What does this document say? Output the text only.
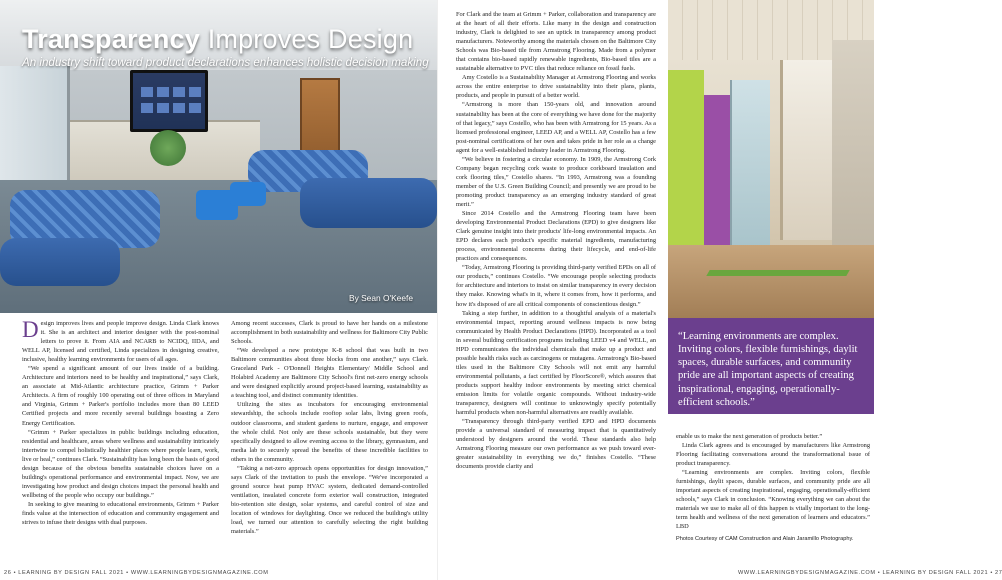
Transparency Improves Design
An industry shift toward product declarations enhances holistic decision making
By Sean O'Keefe

Design improves lives and people improve design. Linda Clark knows it. She is an architect and interior designer with the post-nominal letters to prove it. From AIA and NCARB to NCIDQ, IIDA, and WELL AP, licensed and certified, Linda specializes in designing creative, inclusive, healthy learning environments for users of all ages.

“We spend a significant amount of our lives inside of a building. Architecture and interiors need to be healthy and inspirational,” says Clark, an associate at Mid-Atlantic architecture practice, Grimm + Parker Architects. A firm of roughly 100 operating out of three offices in Maryland and Virginia, Grimm + Parker's portfolio includes more than 80 LEED Certified projects and more recently several buildings boasting a Zero Energy Certification.

“Grimm + Parker specializes in public buildings including education, residential and healthcare, areas where wellness and sustainability intricately intertwine to compel holistically healthier places where people learn, work, live or heal,” continues Clark. “Sustainability has long been the basis of good design because of the obvious benefits sustainable choices have on a building's operational performance and environmental impact. Now, we are investigating how product and design choices impact the personal health and wellbeing of the people who occupy our buildings.”

In seeking to give meaning to educational environments, Grimm + Parker finds value at the intersection of education and community engagement and strives to infuse their designs with dual purposes.

Among recent successes, Clark is proud to have her hands on a milestone accomplishment in both sustainability and wellness for Baltimore City Public Schools.

“We developed a new prototype K-8 school that was built in two Baltimore communities about three blocks from one another,” says Clark. Graceland Park - O'Donnell Heights Elementary/ Middle School and Holabird Academy are Baltimore City School's first net-zero energy schools and were designed explicitly around project-based learning, sustainability as a teaching tool, and distinct community identities.

Utilizing the sites as incubators for encouraging environmental stewardship, the schools include rooftop solar labs, living green roofs, outdoor classrooms, and student gardens to nurture, engage, and empower the whole child. Not only are these schools sustainable, but they were specifically designed to allow evening access to the library, gymnasium, and media lab to securely spread the benefits of these incredible facilities to others in the community.

“Taking a net-zero approach opens opportunities for design innovation,” says Clark of the invitation to push the envelope. “We've incorporated a ground source heat pump HVAC system, dedicated demand-controlled ventilation, insulated concrete form exterior wall construction, integrated bio-retention site design, solar systems, and careful control of size and location of windows for daylighting. Once we reduced the building's utility load, we turned our attention to carefully selecting the right building materials.”

For Clark and the team at Grimm + Parker, collaboration and transparency are at the heart of all their efforts. Like many in the design and construction industry, Clark is delighted to see an uptick in transparency among product manufacturers. Noteworthy among the materials chosen on the Baltimore City Schools was Bio-based tile from Armstrong Flooring. Made from a polymer that contains bio-based rapidly renewable ingredients, Bio-based tiles are a sustainable alternative to PVC tiles that reduce reliance on fossil fuels.

Amy Costello is a Sustainability Manager at Armstrong Flooring and works across the entire enterprise to drive sustainability into their plans, plants, products, and people in pursuit of a better world.

“Armstrong is more than 150-years old, and innovation around sustainability has been at the core of everything we have done for the majority of that legacy,” says Costello, who has been with Armstrong for 15 years. As a licensed professional engineer, LEED AP, and a WELL AP, Costello has a few post-nominal certifications of her own and takes pride in her role as a change agent for a well-established industry leader in Armstrong Flooring.

“We believe in fostering a circular economy. In 1909, the Armstrong Cork Company began recycling cork waste to produce corkboard insulation and cork flooring tiles,” Costello shares. “In 1993, Armstrong was a founding member of the U.S. Green Building Council; and presently we are proud to be promoting product transparency as an emerging industry standard of great merit.”

Since 2014 Costello and the Armstrong Flooring team have been developing Environmental Product Declarations (EPD) to give designers like Clark genuine insight into their products' life-long environmental impacts. An EPD declares each product's specific material ingredients, manufacturing process, environmental concerns during their lifecycle, and end-of-life practices and consequences.

“Today, Armstrong Flooring is providing third-party verified EPDs on all of our products,” continues Costello. “We encourage people selecting products for architecture and interiors to insist on similar transparency in every decision they make. Knowing what's in it, where it comes from, how it performs, and how it's disposed of are all critical components of conscientious design.”

Taking a step further, in addition to a thoughtful analysis of a material's environmental impact, reporting around wellness impacts is now being communicated by Health Product Declarations (HPD). Incorporated as a tool in several building certification programs including LEED v4 and WELL, an HPD communicates the individual chemicals that make up a product and possible health risks such as carcinogens or mutagens. Armstrong's Bio-based tiles used in the Baltimore City Schools will not emit any harmful environmental pollutants, a fact certified by FloorScore®, which assures that products support healthy indoor environments by meeting strict chemical emission limits for volatile organic compounds. Without industry-wide transparency, designers will continue to unknowingly specify potentially harmful products when non-harmful alternatives are readily available.

“Transparency through third-party verified EPD and HPD documents provide a universal standard of measuring impact that is quantitatively understood by designers around the world. These standards also help Armstrong Flooring measure our own performance as we push toward ever-greater sustainability in everything we do,” finishes Costello. “These documents provide clarity and

“Learning environments are complex. Inviting colors, flexible furnishings, daylit spaces, durable surfaces, and community pride are all important aspects of creating inspirational, engaging, operationally-efficient schools.”

enable us to make the next generation of products better.”

Linda Clark agrees and is encouraged by manufacturers like Armstrong Flooring facilitating conversations around the transformational issue of product transparency.

“Learning environments are complex. Inviting colors, flexible furnishings, daylit spaces, durable surfaces, and community pride are all important aspects of creating inspirational, engaging, operationally-efficient schools,” says Clark in conclusion. “Knowing everything we can about the materials we use to make all of this happen is vitally important to the long-term health and wellness of the next generation of learners and educators.” LBD

Photos Courtesy of CAM Construction and Alain Jaramillo Photography.
26 • LEARNING BY DESIGN FALL 2021 • WWW.LEARNINGBYDESIGNMAGAZINE.COM	WWW.LEARNINGBYDESIGNMAGAZINE.COM • LEARNING BY DESIGN FALL 2021 • 27
